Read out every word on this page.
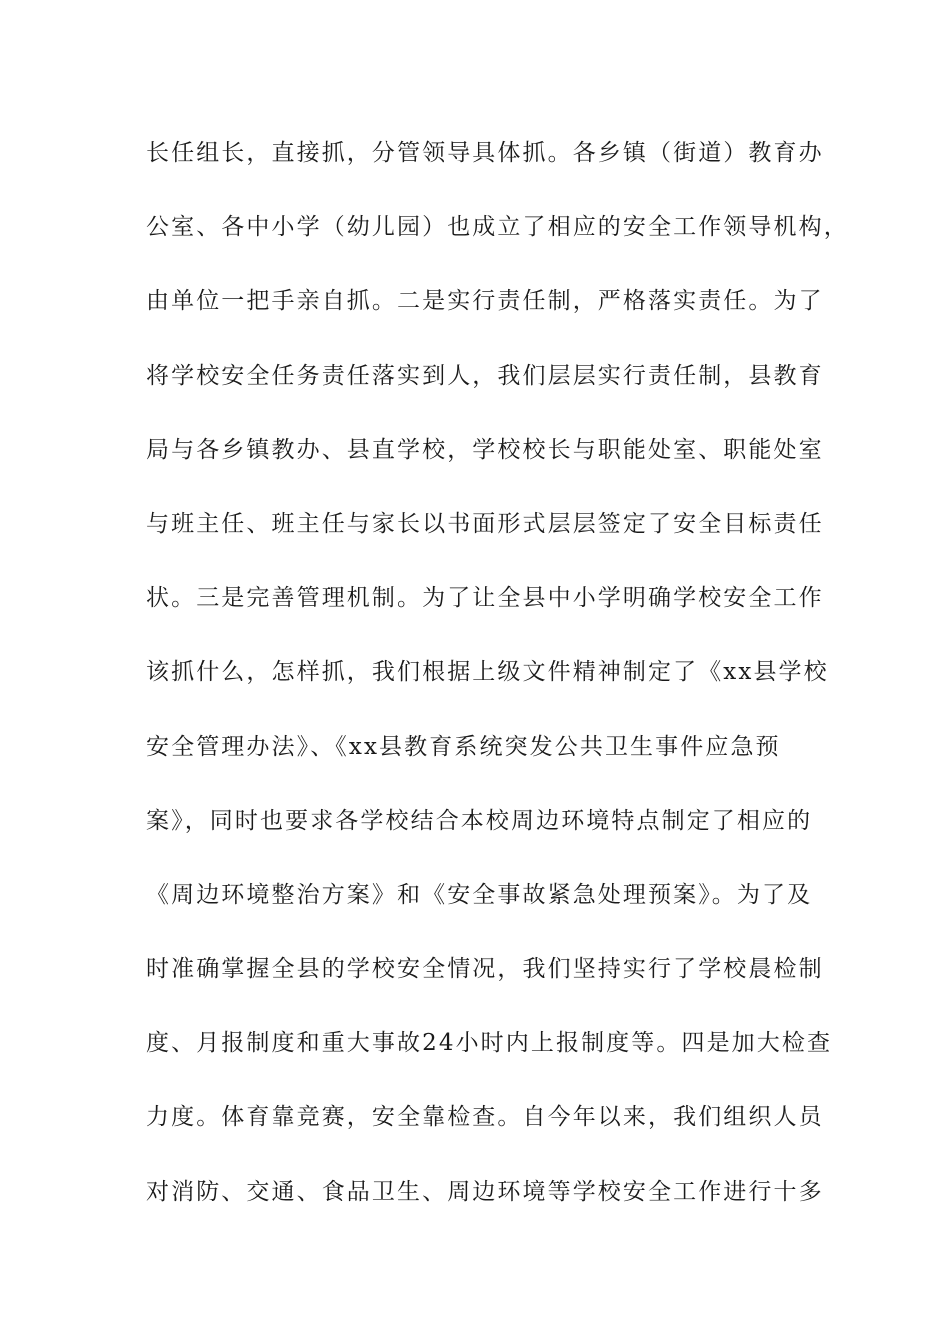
长任组长，直接抓，分管领导具体抓。各乡镇（街道）教育办
公室、各中小学（幼儿园）也成立了相应的安全工作领导机构，
由单位一把手亲自抓。二是实行责任制，严格落实责任。为了
将学校安全任务责任落实到人，我们层层实行责任制，县教育
局与各乡镇教办、县直学校，学校校长与职能处室、职能处室
与班主任、班主任与家长以书面形式层层签定了安全目标责任
状。三是完善管理机制。为了让全县中小学明确学校安全工作
该抓什么，怎样抓，我们根据上级文件精神制定了《xx县学校
安全管理办法》、《xx县教育系统突发公共卫生事件应急预
案》，同时也要求各学校结合本校周边环境特点制定了相应的
《周边环境整治方案》和《安全事故紧急处理预案》。为了及
时准确掌握全县的学校安全情况，我们坚持实行了学校晨检制
度、月报制度和重大事故24小时内上报制度等。四是加大检查
力度。体育靠竞赛，安全靠检查。自今年以来，我们组织人员
对消防、交通、食品卫生、周边环境等学校安全工作进行十多
